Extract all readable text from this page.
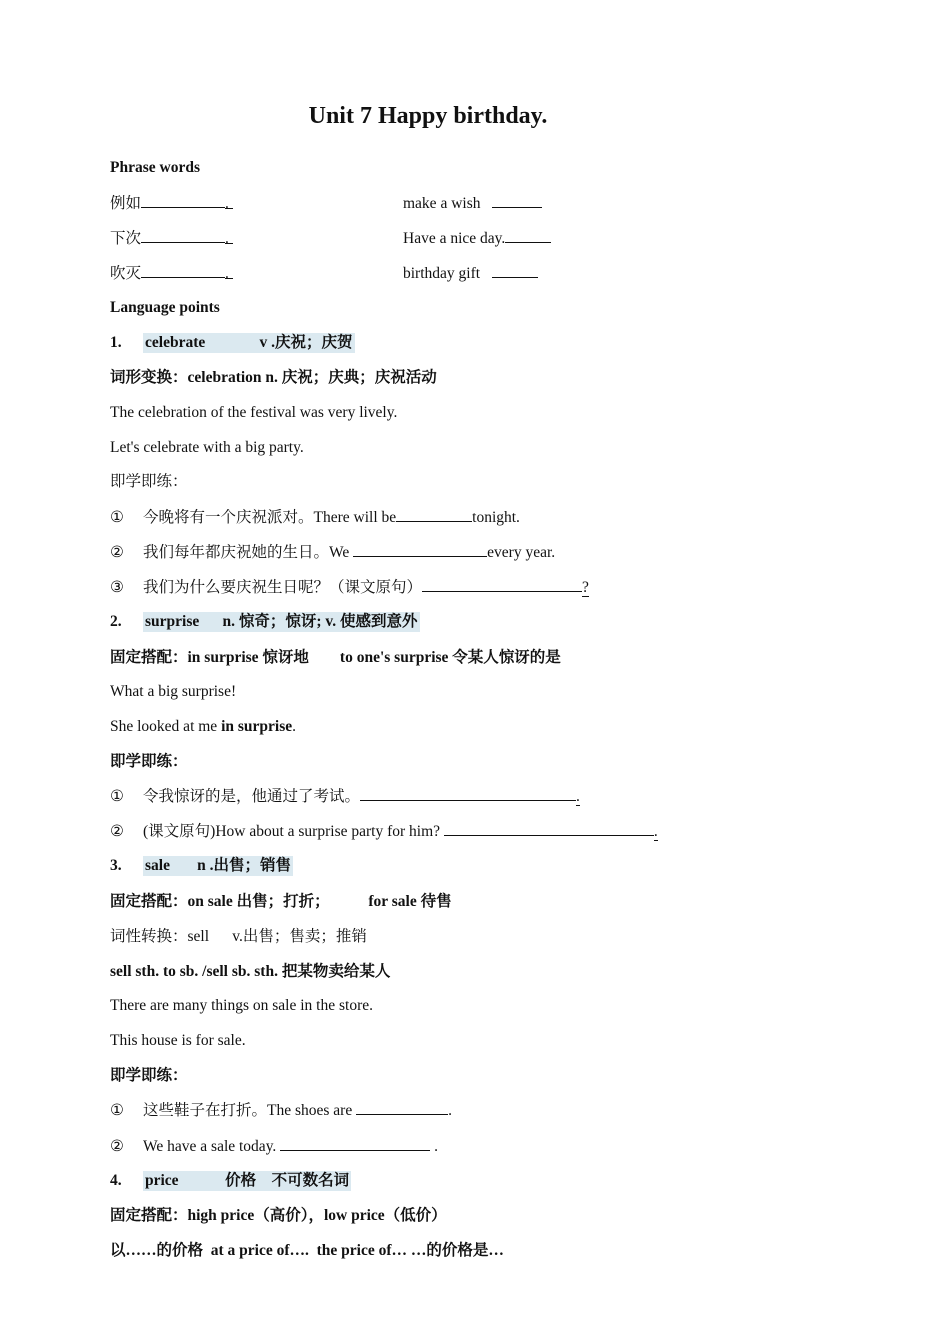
Unit 7 Happy birthday.
Phrase words
例如	.	make a wish
下次	.	Have a nice day.
吹灭	.	birthday gift
Language points
1. celebrate              v .庆祝；庆贺
词形变换：celebration n. 庆祝；庆典；庆祝活动
The celebration of the festival was very lively.
Let's celebrate with a big party.
即学即练：
① 今晚将有一个庆祝派对。There will be	tonight.
② 我们每年都庆祝她的生日。We	every year.
③ 我们为什么要庆祝生日呢？（课文原句）	?
2. surprise      n. 惊奇；惊讶; v. 使感到意外
固定搭配：in surprise 惊讶地        to one's surprise 令某人惊讶的是
What a big surprise!
She looked at me in surprise.
即学即练：
① 令我惊讶的是，他通过了考试。	.
② (课文原句)How about a surprise party for him?	.
3. sale       n .出售；销售
固定搭配：on sale 出售；打折；          for sale 待售
词性转换：sell      v.出售；售卖；推销
sell sth. to sb. /sell sb. sth. 把某物卖给某人
There are many things on sale in the store.
This house is for sale.
即学即练：
① 这些鞋子在打折。The shoes are	.
② We have a sale today.	.
4. price            价格    不可数名词
固定搭配：high price（高价），low price（低价）
以……的价格  at a price of….  the price of… …的价格是…
